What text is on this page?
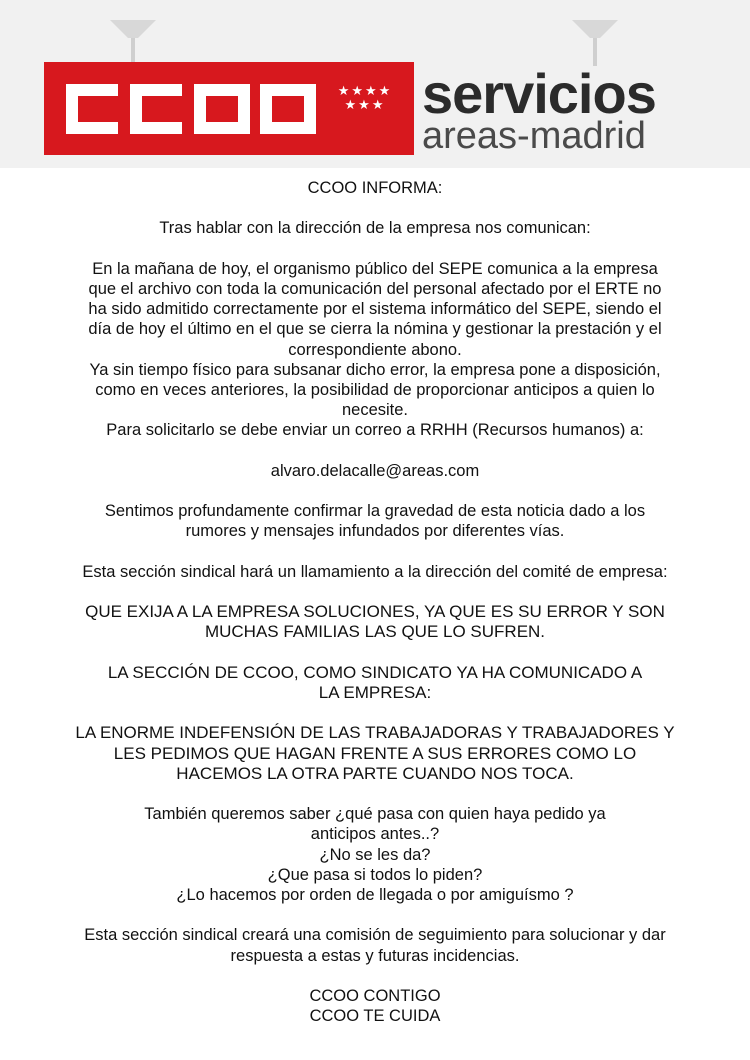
★★★★
★★★ servicios
areas-madrid

CCOO INFORMA:

Tras hablar con la dirección de la empresa nos comunican:

En la mañana de hoy, el organismo público del SEPE comunica a la empresa
que el archivo con toda la comunicación del personal afectado por el ERTE no
ha sido admitido correctamente por el sistema informático del SEPE, siendo el
día de hoy el último en el que se cierra la nómina y gestionar la prestación y el
correspondiente abono.

Ya sin tiempo físico para subsanar dicho error, la empresa pone a disposición,
como en veces anteriores, la posibilidad de proporcionar anticipos a quien lo
necesite.

Para solicitarlo se debe enviar un correo a RRHH (Recursos humanos) a:

alvaro.delacalle@areas.com

Sentimos profundamente confirmar la gravedad de esta noticia dado a los
rumores y mensajes infundados por diferentes vías.

Esta sección sindical hará un llamamiento a la dirección del comité de empresa:

QUE EXIJA A LA EMPRESA SOLUCIONES, YA QUE ES SU ERROR Y SON
MUCHAS FAMILIAS LAS QUE LO SUFREN.

LA SECCIÓN DE CCOO, COMO SINDICATO YA HA COMUNICADO A
LA EMPRESA:

LA ENORME INDEFENSIÓN DE LAS TRABAJADORAS Y TRABAJADORES Y
LES PEDIMOS QUE HAGAN FRENTE A SUS ERRORES COMO LO
HACEMOS LA OTRA PARTE CUANDO NOS TOCA.

También queremos saber ¿qué pasa con quien haya pedido ya
anticipos antes..?
¿No se les da?
¿Que pasa si todos lo piden?
¿Lo hacemos por orden de llegada o por amiguísmo ?

Esta sección sindical creará una comisión de seguimiento para solucionar y dar
respuesta a estas y futuras incidencias.

CCOO CONTIGO

CCOO TE CUIDA
